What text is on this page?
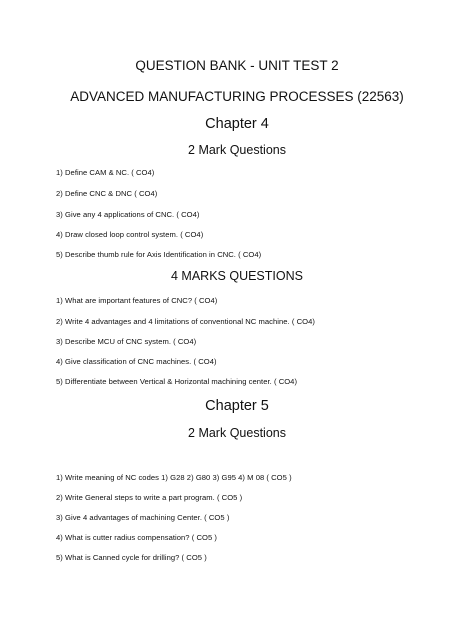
QUESTION BANK - UNIT TEST 2
ADVANCED MANUFACTURING PROCESSES (22563)
Chapter 4
2 Mark Questions
1) Define CAM & NC. ( CO4)
2) Define CNC & DNC ( CO4)
3) Give any 4 applications of CNC. ( CO4)
4) Draw closed loop control system. ( CO4)
5) Describe thumb rule for Axis Identification in CNC. ( CO4)
4 MARKS QUESTIONS
1) What are important features of CNC? ( CO4)
2) Write 4 advantages and 4 limitations of conventional NC machine. ( CO4)
3) Describe MCU of CNC system. ( CO4)
4) Give classification of CNC machines. ( CO4)
5) Differentiate between Vertical & Horizontal machining center. ( CO4)
Chapter 5
2 Mark Questions
1) Write meaning of NC codes 1) G28 2) G80 3) G95 4) M 08 ( CO5 )
2) Write General steps to write a part program. ( CO5 )
3) Give 4 advantages of machining Center. ( CO5 )
4) What is cutter radius compensation? ( CO5 )
5) What is Canned cycle for drilling? ( CO5 )
